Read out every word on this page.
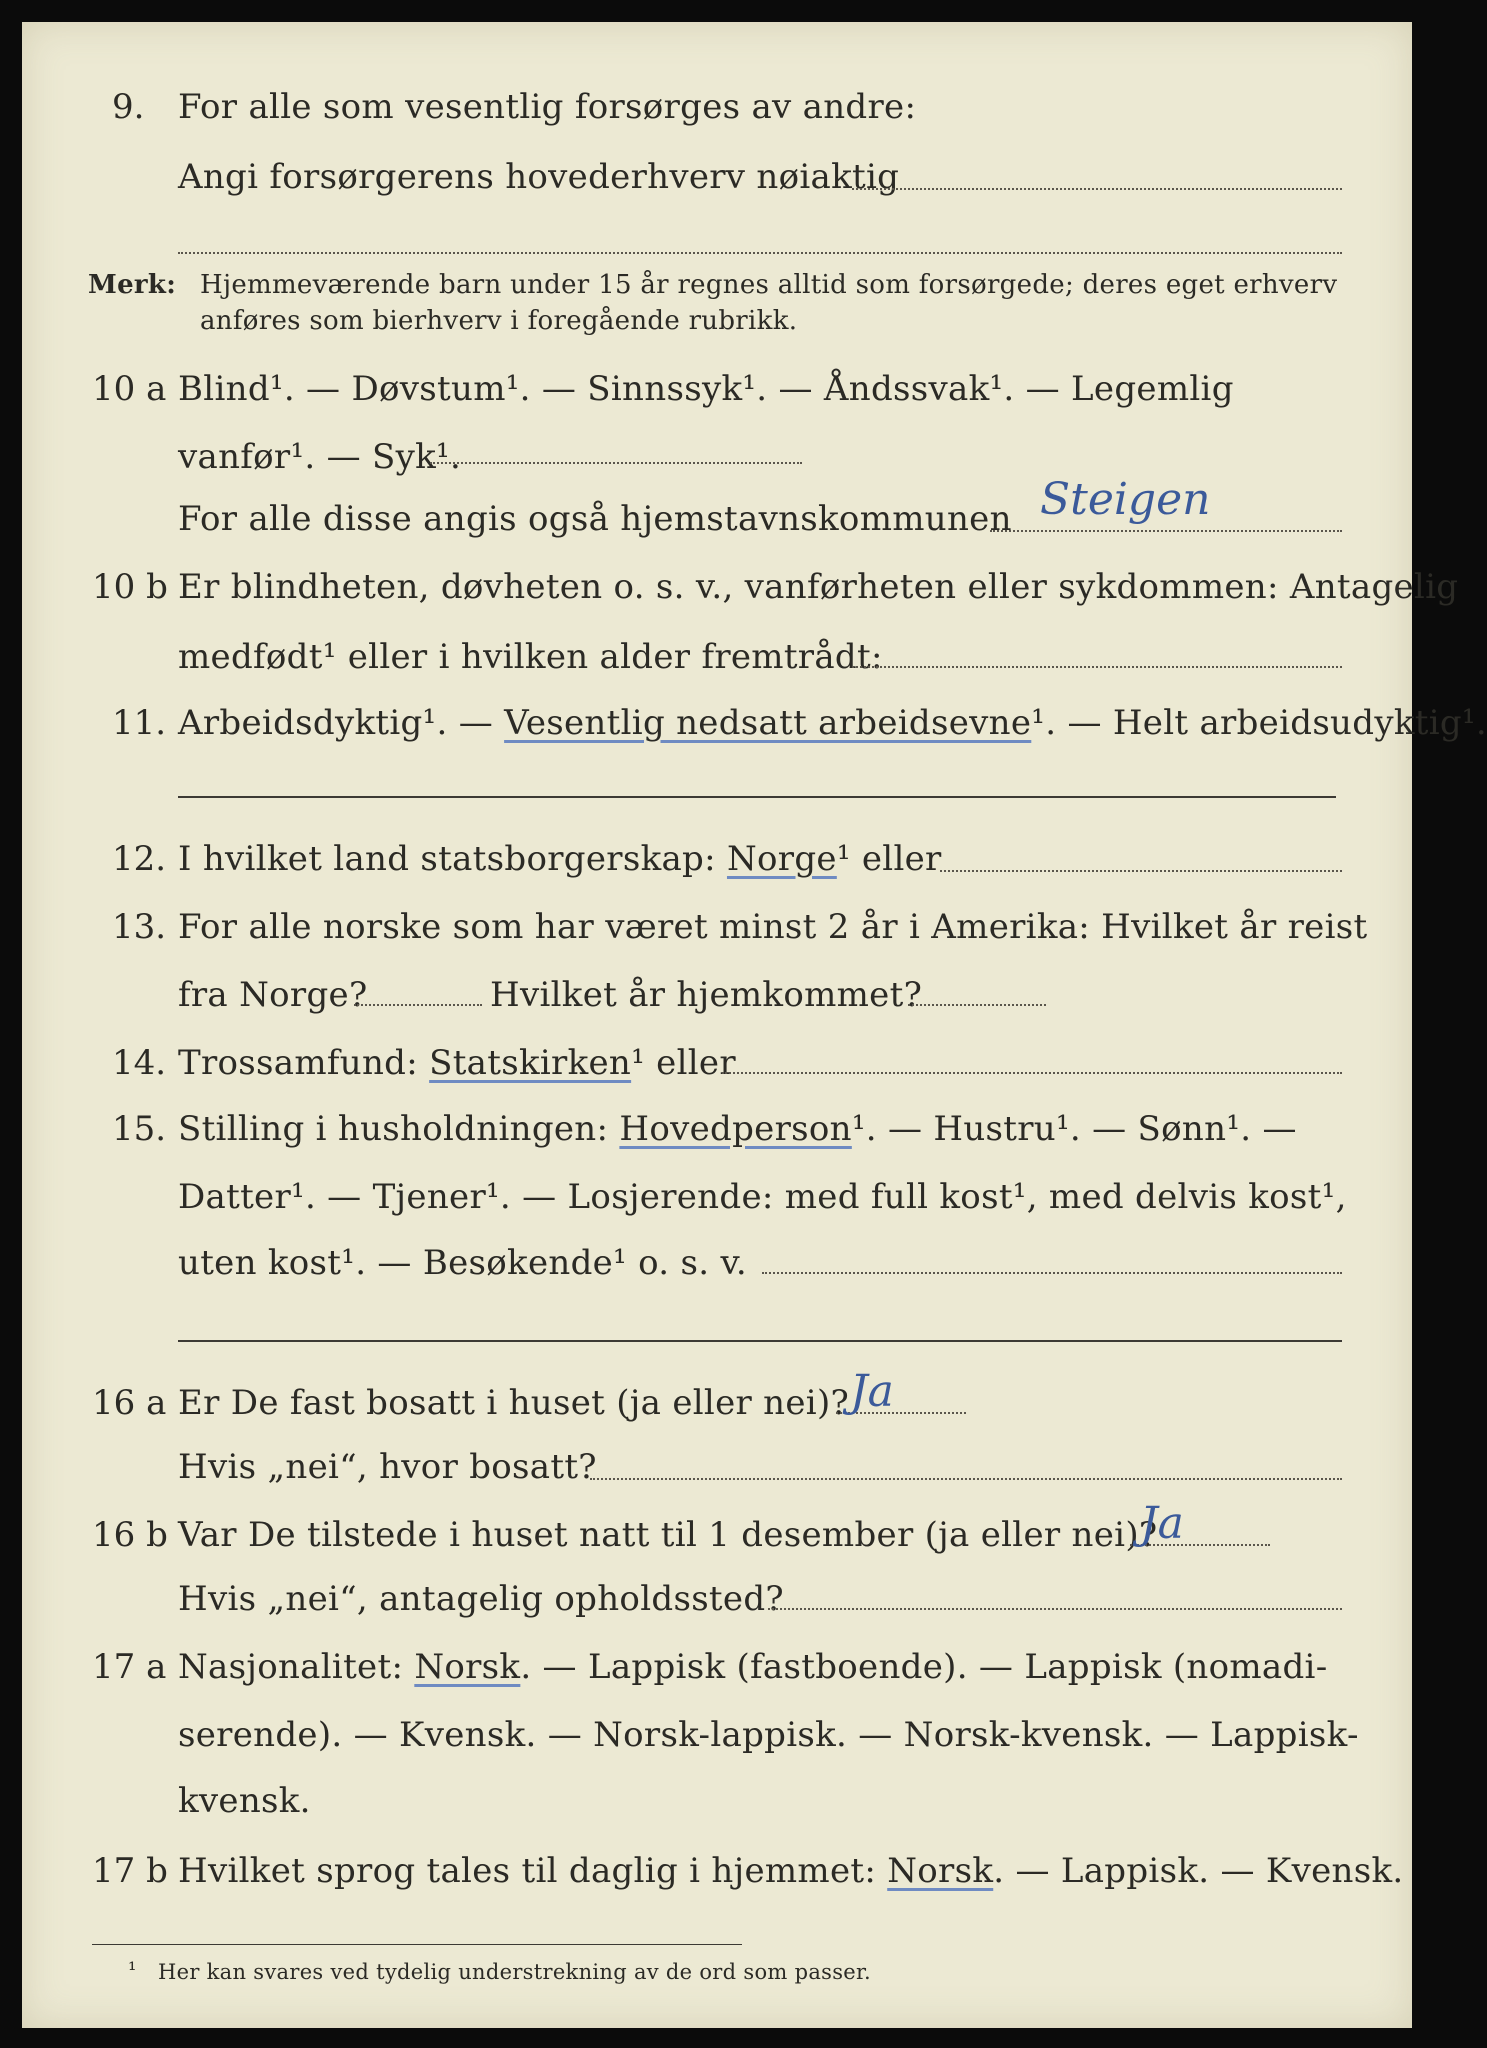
9. For alle som vesentlig forsørges av andre:
Angi forsørgerens hovederhverv nøiaktig
Merk: Hjemmeværende barn under 15 år regnes alltid som forsørgede; deres eget erhverv
anføres som bierhverv i foregående rubrikk.
10 a Blind¹. — Døvstum¹. — Sinnssyk¹. — Åndssvak¹. — Legemlig
vanfør¹. — Syk¹.
For alle disse angis også hjemstavnskommunen Steigen
10 b Er blindheten, døvheten o. s. v., vanførheten eller sykdommen: Antagelig
medfødt¹ eller i hvilken alder fremtrådt:
11. Arbeidsdyktig¹. — Vesentlig nedsatt arbeidsevne¹. — Helt arbeidsudyktig¹.
12. I hvilket land statsborgerskap: Norge¹ eller
13. For alle norske som har været minst 2 år i Amerika: Hvilket år reist
fra Norge?	Hvilket år hjemkommet?
14. Trossamfund: Statskirken¹ eller
15. Stilling i husholdningen: Hovedperson¹. — Hustru¹. — Sønn¹. —
Datter¹. — Tjener¹. — Losjerende: med full kost¹, med delvis kost¹,
uten kost¹. — Besøkende¹ o. s. v.
16 a Er De fast bosatt i huset (ja eller nei)? Ja
Hvis „nei“, hvor bosatt?
16 b Var De tilstede i huset natt til 1 desember (ja eller nei)?
Ja
Hvis „nei“, antagelig opholdssted?
17 a Nasjonalitet: Norsk. — Lappisk (fastboende). — Lappisk (nomadi-
serende). — Kvensk. — Norsk-lappisk. — Norsk-kvensk. — Lappisk-
kvensk.
17 b Hvilket sprog tales til daglig i hjemmet: Norsk. — Lappisk. — Kvensk.
¹ Her kan svares ved tydelig understrekning av de ord som passer.
